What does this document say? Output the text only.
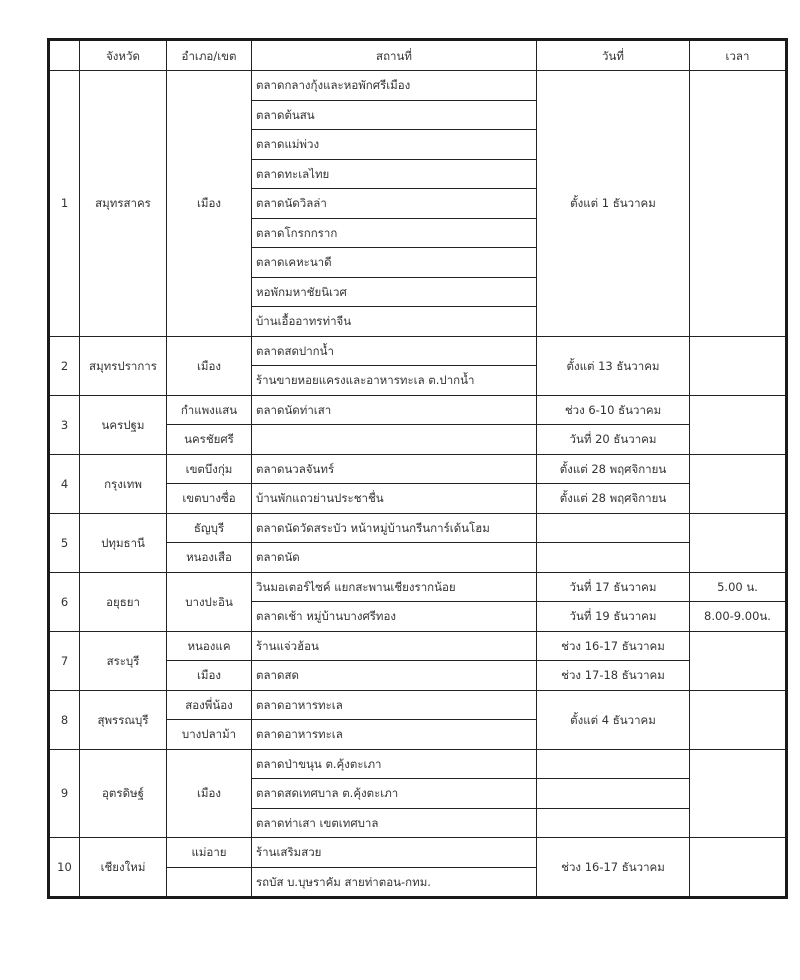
	จังหวัด	อำเภอ/เขต	สถานที่	วันที่	เวลา
1	สมุทรสาคร	เมือง	ตลาดกลางกุ้งและหอพักศรีเมือง	ตั้งแต่ 1 ธันวาคม	
			ตลาดต้นสน		
			ตลาดแม่พ่วง		
			ตลาดทะเลไทย		
			ตลาดนัดวิลล่า		
			ตลาดโกรกกราก		
			ตลาดเคหะนาดี		
			หอพักมหาชัยนิเวศ		
			บ้านเอื้ออาทรท่าจีน		
2	สมุทรปราการ	เมือง	ตลาดสดปากน้ำ	ตั้งแต่ 13 ธันวาคม	
			ร้านขายหอยแครงและอาหารทะเล ต.ปากน้ำ		
3	นครปฐม	กำแพงแสน	ตลาดนัดท่าเสา	ช่วง 6-10 ธันวาคม	
		นครชัยศรี		วันที่ 20 ธันวาคม	
4	กรุงเทพ	เขตบึงกุ่ม	ตลาดนวลจันทร์	ตั้งแต่ 28 พฤศจิกายน	
		เขตบางซื่อ	บ้านพักแถวย่านประชาชื่น	ตั้งแต่ 28 พฤศจิกายน	
5	ปทุมธานี	ธัญบุรี	ตลาดนัดวัดสระบัว หน้าหมู่บ้านกรีนการ์เด้นโฮม		
		หนองเสือ	ตลาดนัด		
6	อยุธยา	บางปะอิน	วินมอเตอร์ไซค์ แยกสะพานเชียงรากน้อย	วันที่ 17 ธันวาคม	5.00 น.
			ตลาดเช้า หมู่บ้านบางศรีทอง	วันที่ 19 ธันวาคม	8.00-9.00น.
7	สระบุรี	หนองแค	ร้านแจ่วฮ้อน	ช่วง 16-17 ธันวาคม	
		เมือง	ตลาดสด	ช่วง 17-18 ธันวาคม	
8	สุพรรณบุรี	สองพี่น้อง	ตลาดอาหารทะเล	ตั้งแต่ 4 ธันวาคม	
		บางปลาม้า	ตลาดอาหารทะเล		
9	อุตรดิษฐ์	เมือง	ตลาดป่าขนุน ต.คุ้งตะเภา		
			ตลาดสดเทศบาล ต.คุ้งตะเภา		
			ตลาดท่าเสา เขตเทศบาล		
10	เชียงใหม่	แม่อาย	ร้านเสริมสวย	ช่วง 16-17 ธันวาคม	
			รถบัส บ.บุษราคัม สายท่าตอน-กทม.		
